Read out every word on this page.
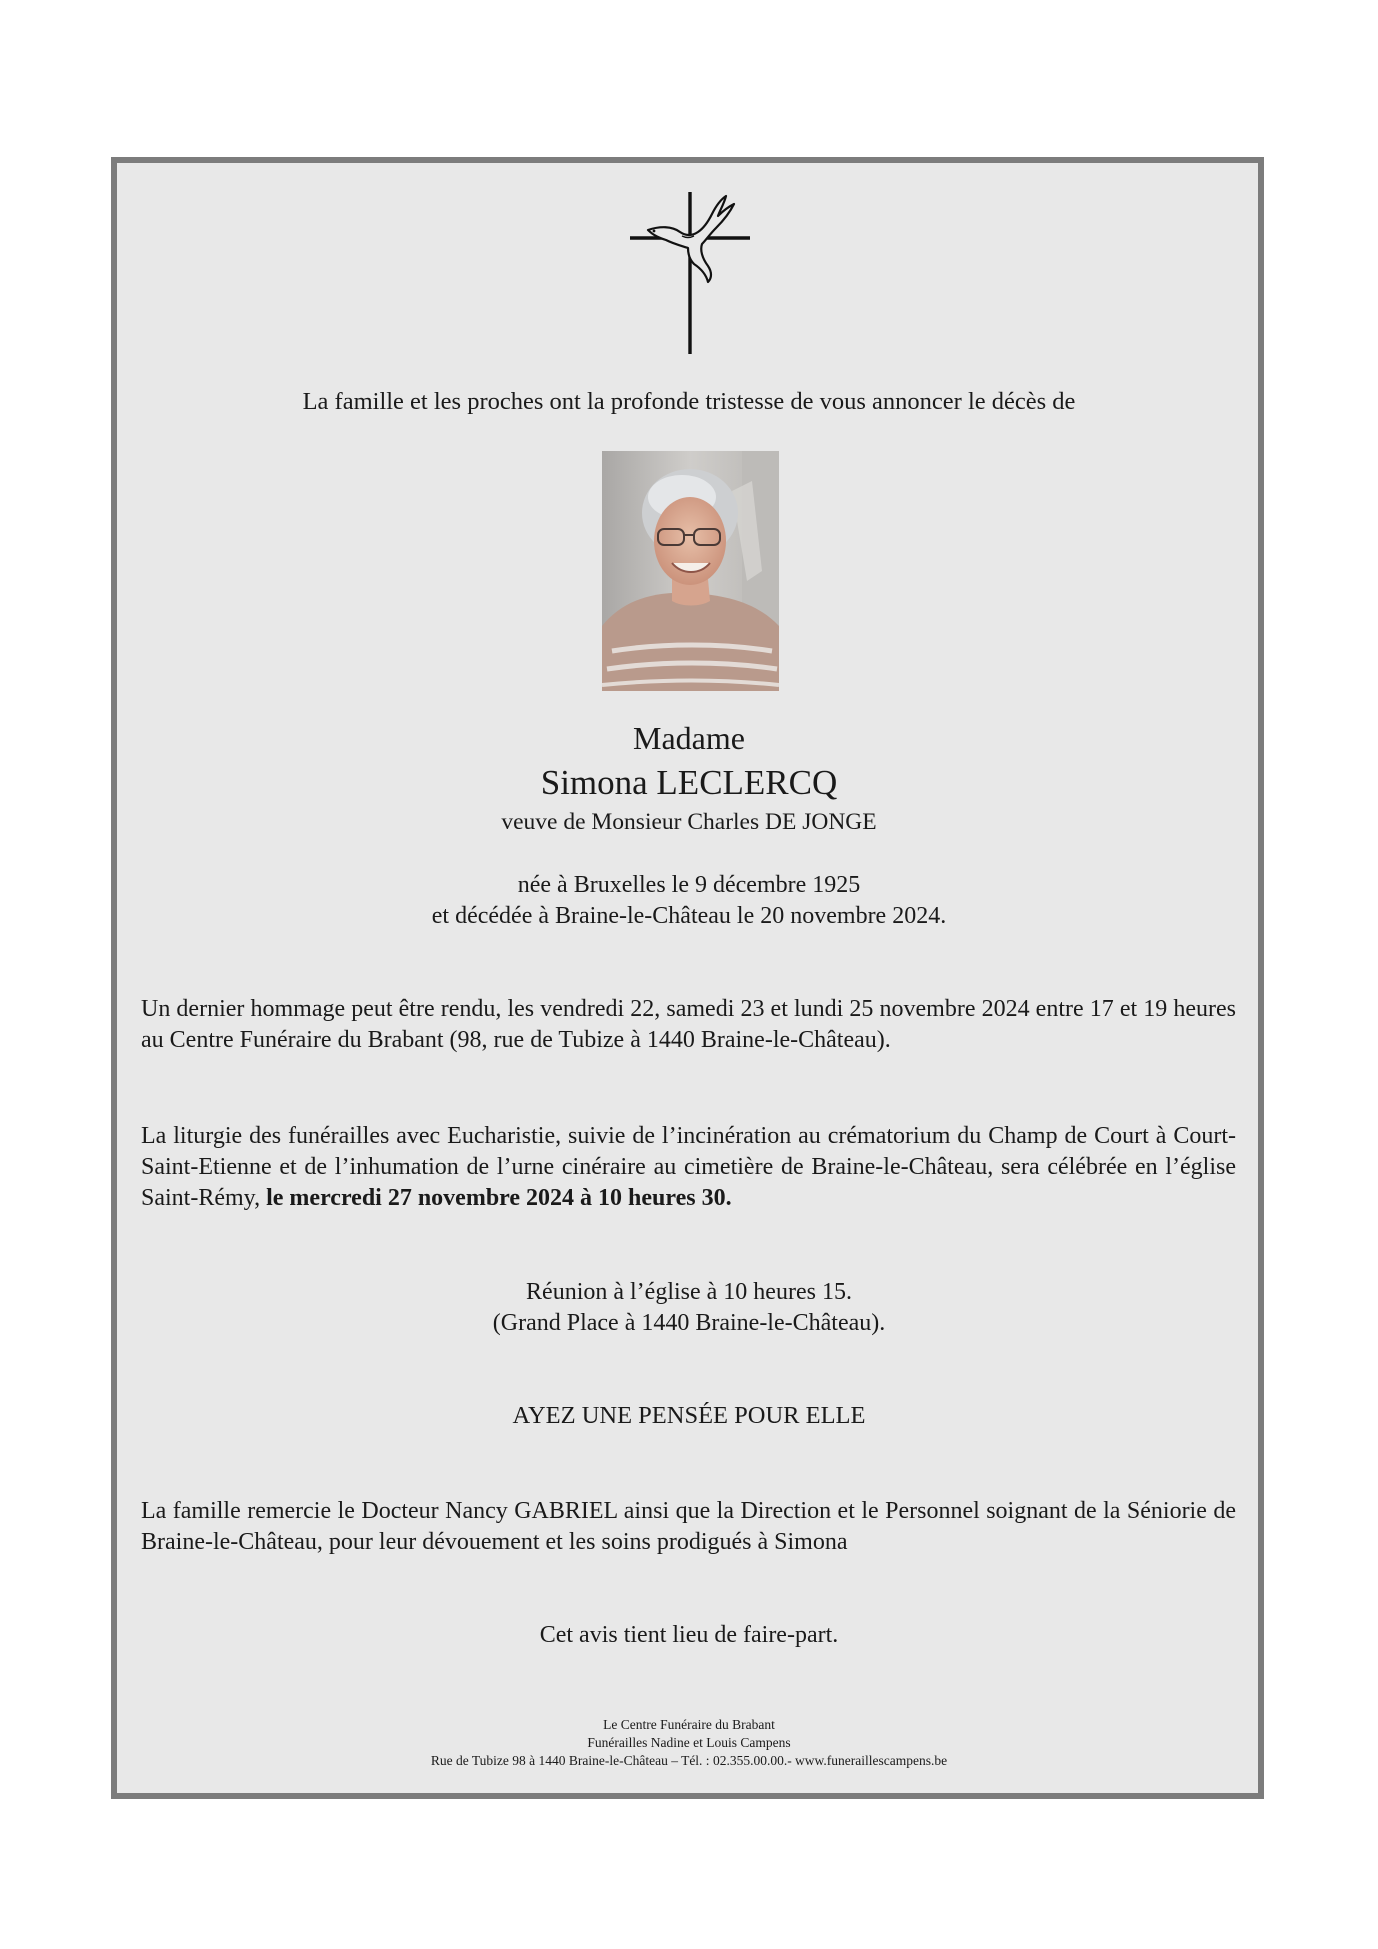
La famille et les proches ont la profonde tristesse de vous annoncer le décès de
Madame
Simona LECLERCQ
veuve de Monsieur Charles DE JONGE
née à Bruxelles le 9 décembre 1925
et décédée à Braine-le-Château le 20 novembre 2024.
Un dernier hommage peut être rendu, les vendredi 22, samedi 23 et lundi 25 novembre 2024 entre 17 et 19 heures au Centre Funéraire du Brabant (98, rue de Tubize à 1440 Braine-le-Château).
La liturgie des funérailles avec Eucharistie, suivie de l’incinération au crématorium du Champ de Court à Court-Saint-Etienne et de l’inhumation de l’urne cinéraire au cimetière de Braine-le-Château, sera célébrée en l’église Saint-Rémy, le mercredi 27 novembre 2024 à 10 heures 30.
Réunion à l’église à 10 heures 15.
(Grand Place à 1440 Braine-le-Château).
AYEZ UNE PENSÉE POUR ELLE
La famille remercie le Docteur Nancy GABRIEL ainsi que la Direction et le Personnel soignant de la Séniorie de Braine-le-Château, pour leur dévouement et les soins prodigués à Simona
Cet avis tient lieu de faire-part.
Le Centre Funéraire du Brabant
Funérailles Nadine et Louis Campens
Rue de Tubize 98 à 1440 Braine-le-Château – Tél. : 02.355.00.00.- www.funeraillescampens.be
